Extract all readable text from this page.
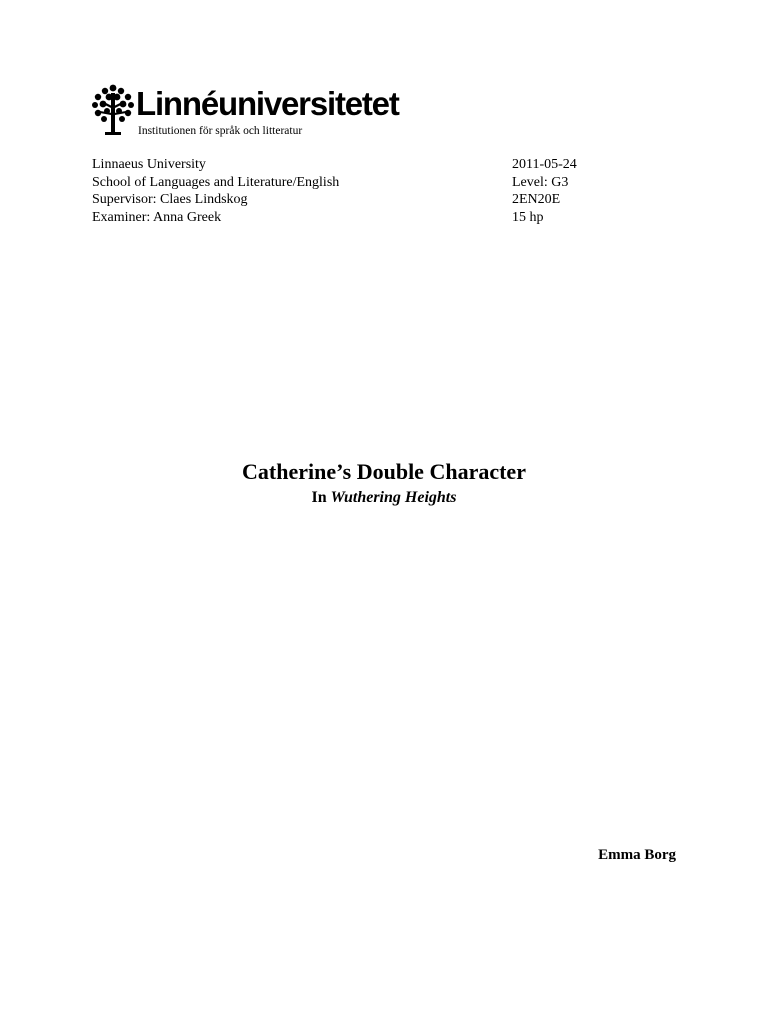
Linnéuniversitetet
Institutionen för språk och litteratur
Linnaeus University
School of Languages and Literature/English
Supervisor: Claes Lindskog
Examiner: Anna Greek
2011-05-24
Level: G3
2EN20E
15 hp
Catherine’s Double Character
In Wuthering Heights
Emma Borg
